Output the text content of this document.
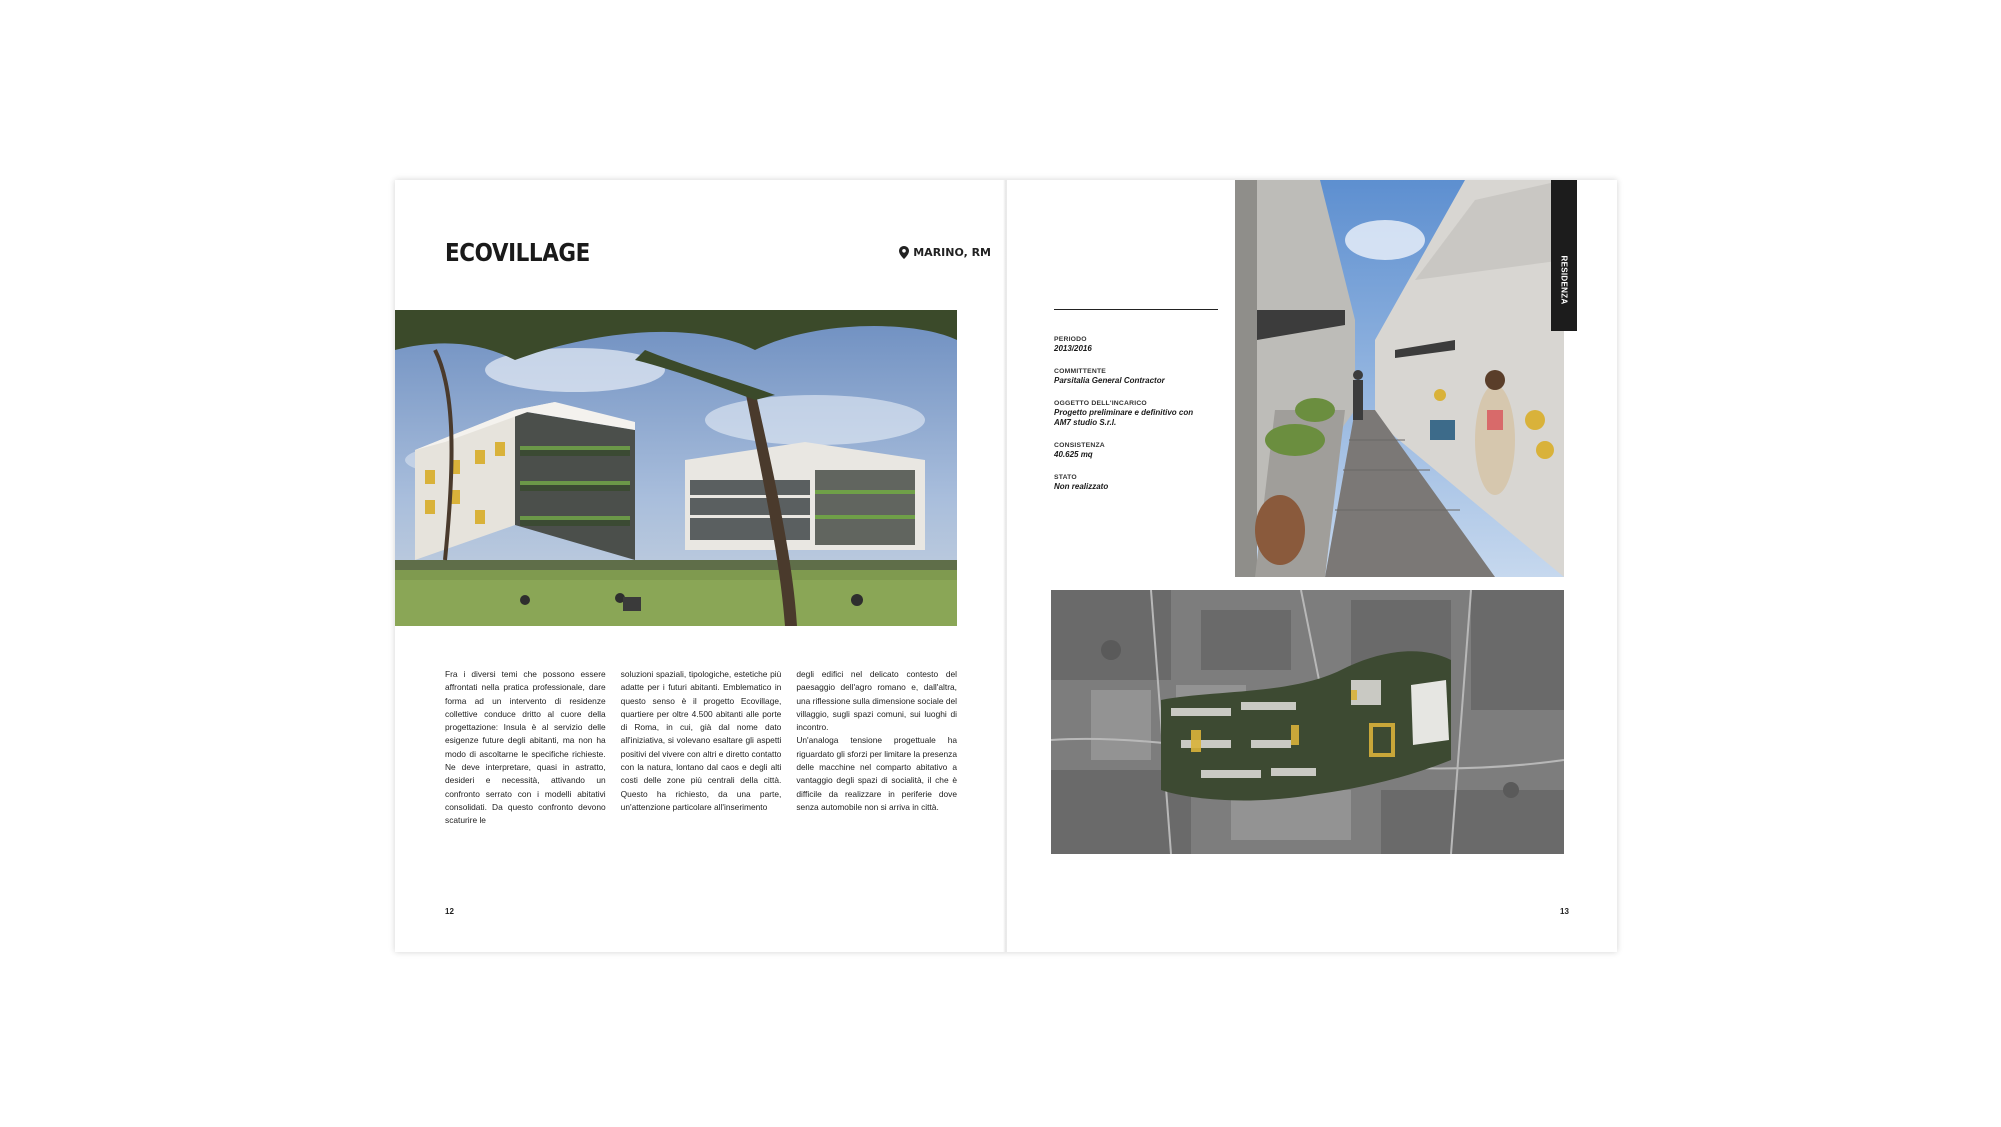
ECOVILLAGE	MARINO, RM

Fra i diversi temi che possono essere affrontati nella pratica professionale, dare forma ad un intervento di residenze collettive conduce dritto al cuore della progettazione: Insula è al servizio delle esigenze future degli abitanti, ma non ha modo di ascoltarne le specifiche richieste. Ne deve interpretare, quasi in astratto, desideri e necessità, attivando un confronto serrato con i modelli abitativi consolidati. Da questo confronto devono scaturire le

soluzioni spaziali, tipologiche, estetiche più adatte per i futuri abitanti. Emblematico in questo senso è il progetto Ecovillage, quartiere per oltre 4.500 abitanti alle porte di Roma, in cui, già dal nome dato all'iniziativa, si volevano esaltare gli aspetti positivi del vivere con altri e diretto contatto con la natura, lontano dal caos e degli alti costi delle zone più centrali della città. Questo ha richiesto, da una parte, un'attenzione particolare all'inserimento

degli edifici nel delicato contesto del paesaggio dell'agro romano e, dall'altra, una riflessione sulla dimensione sociale del villaggio, sugli spazi comuni, sui luoghi di incontro.

Un'analoga tensione progettuale ha riguardato gli sforzi per limitare la presenza delle macchine nel comparto abitativo a vantaggio degli spazi di socialità, il che è difficile da realizzare in periferie dove senza automobile non si arriva in città.

12
PERIODO
2013/2016
COMMITTENTE
Parsitalia General Contractor
OGGETTO DELL'INCARICO
Progetto preliminare e definitivo con AM7 studio S.r.l.
CONSISTENZA
40.625 mq
STATO
Non realizzato
RESIDENZA
13
